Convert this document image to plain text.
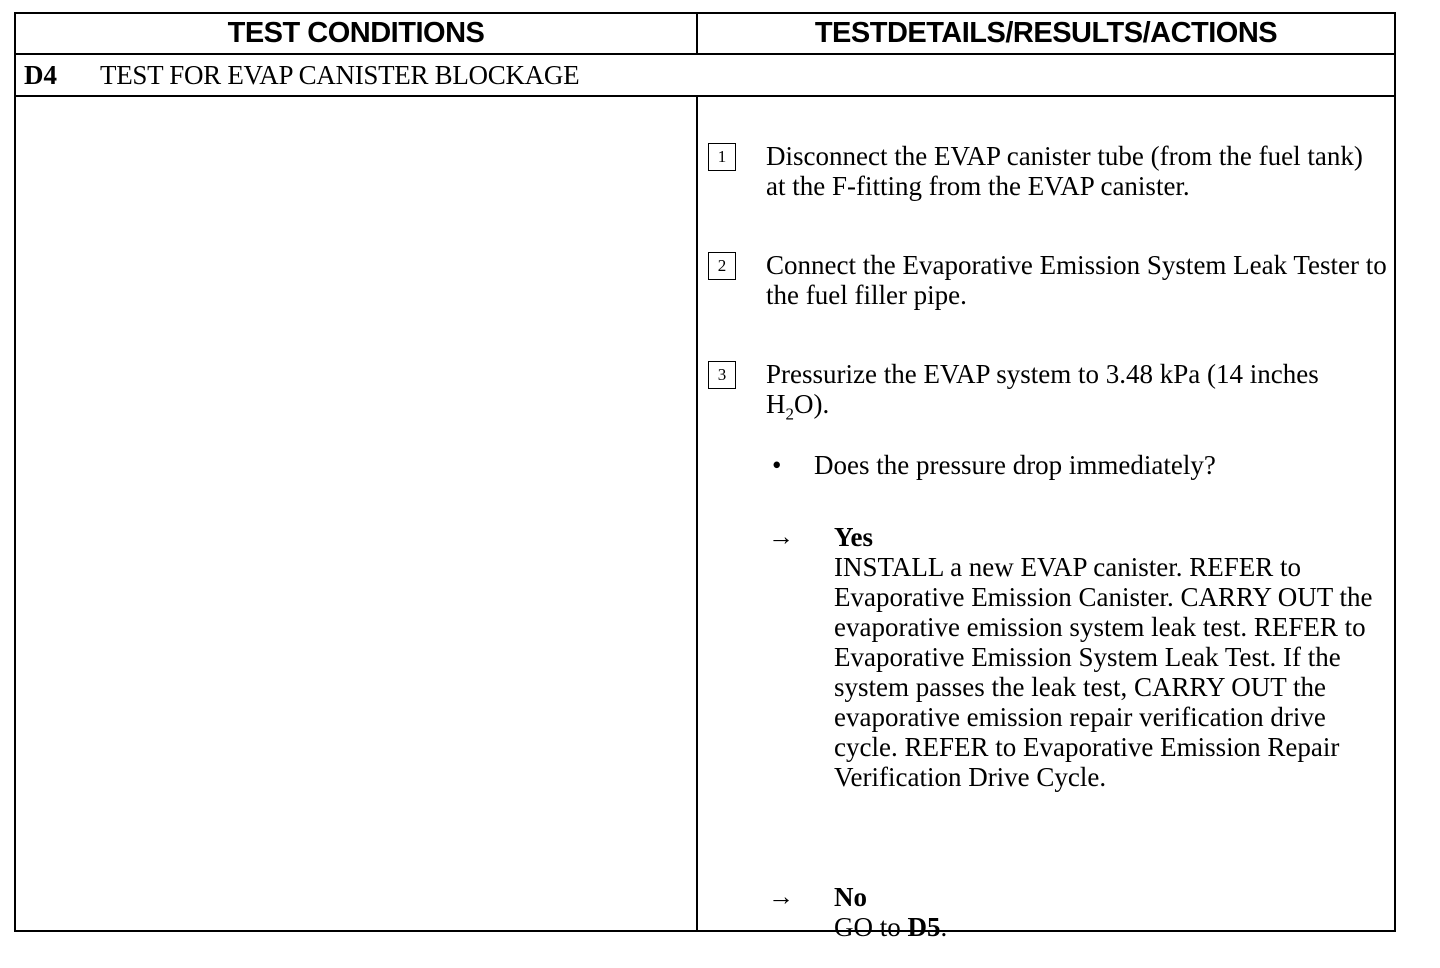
TEST CONDITIONS	TESTDETAILS/RESULTS/ACTIONS
D4	TEST FOR EVAP CANISTER BLOCKAGE
1	Disconnect the EVAP canister tube (from the fuel tank) at the F-fitting from the EVAP canister.
2	Connect the Evaporative Emission System Leak Tester to the fuel filler pipe.
3	Pressurize the EVAP system to 3.48 kPa (14 inches $H_2O$).
• Does the pressure drop immediately?
→ Yes
INSTALL a new EVAP canister. REFER to Evaporative Emission Canister. CARRY OUT the evaporative emission system leak test. REFER to Evaporative Emission System Leak Test. If the system passes the leak test, CARRY OUT the evaporative emission repair verification drive cycle. REFER to Evaporative Emission Repair Verification Drive Cycle.
→ No
GO to D5.
